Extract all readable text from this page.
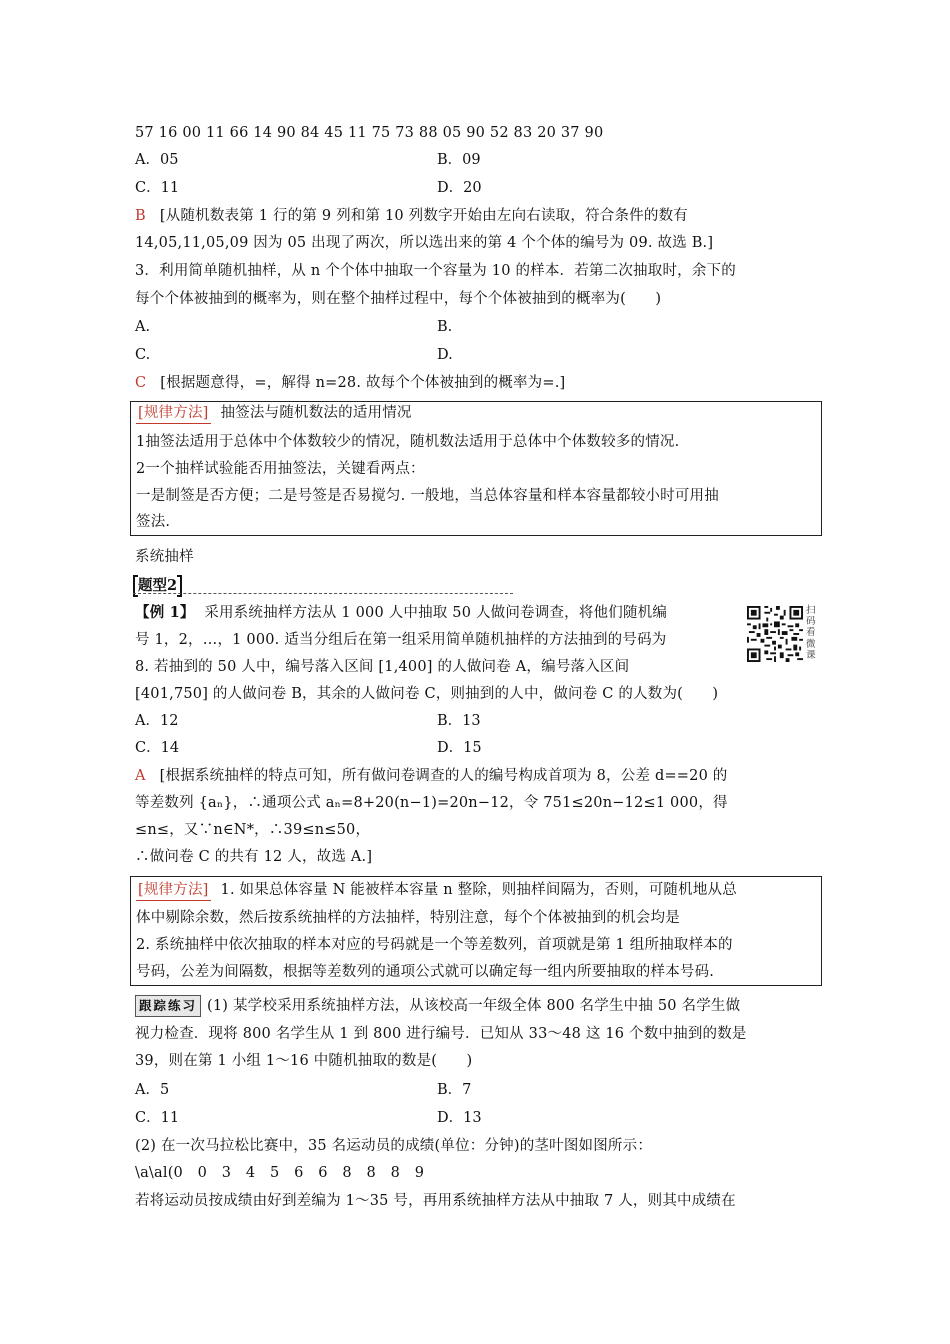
57 16 00 11 66 14 90 84 45 11 75 73 88 05 90 52 83 20 37 90
A．05	B．09
C．11	D．20
B [从随机数表第 1 行的第 9 列和第 10 列数字开始由左向右读取，符合条件的数有
14,05,11,05,09 因为 05 出现了两次，所以选出来的第 4 个个体的编号为 09. 故选 B.]
3．利用简单随机抽样，从 n 个个体中抽取一个容量为 10 的样本．若第二次抽取时，余下的
每个个体被抽到的概率为，则在整个抽样过程中，每个个体被抽到的概率为(　　)
A.	B.
C.	D.
C [根据题意得，=，解得 n=28. 故每个个体被抽到的概率为=.]
[规律方法] 抽签法与随机数法的适用情况
1抽签法适用于总体中个体数较少的情况，随机数法适用于总体中个体数较多的情况.
2一个抽样试验能否用抽签法，关键看两点：
一是制签是否方便；二是号签是否易搅匀. 一般地，当总体容量和样本容量都较小时可用抽
签法.
系统抽样
题型2
【例 1】 采用系统抽样方法从 1 000 人中抽取 50 人做问卷调查，将他们随机编
号 1，2，…，1 000. 适当分组后在第一组采用简单随机抽样的方法抽到的号码为
8. 若抽到的 50 人中，编号落入区间 [1,400] 的人做问卷 A，编号落入区间
[401,750] 的人做问卷 B，其余的人做问卷 C，则抽到的人中，做问卷 C 的人数为(　　)
扫码看微课
A．12	B．13
C．14	D．15
A [根据系统抽样的特点可知，所有做问卷调查的人的编号构成首项为 8，公差 d==20 的
等差数列 {aₙ}，∴通项公式 aₙ=8+20(n−1)=20n−12，令 751≤20n−12≤1 000，得
≤n≤，又∵n∈N*，∴39≤n≤50，
∴做问卷 C 的共有 12 人，故选 A.]
[规律方法] 1. 如果总体容量 N 能被样本容量 n 整除，则抽样间隔为，否则，可随机地从总
体中剔除余数，然后按系统抽样的方法抽样，特别注意，每个个体被抽到的机会均是
2. 系统抽样中依次抽取的样本对应的号码就是一个等差数列，首项就是第 1 组所抽取样本的
号码，公差为间隔数，根据等差数列的通项公式就可以确定每一组内所要抽取的样本号码.
跟踪练习 (1) 某学校采用系统抽样方法，从该校高一年级全体 800 名学生中抽 50 名学生做
视力检查．现将 800 名学生从 1 到 800 进行编号．已知从 33～48 这 16 个数中抽到的数是
39，则在第 1 小组 1～16 中随机抽取的数是(　　)
A．5	B．7
C．11	D．13
(2) 在一次马拉松比赛中，35 名运动员的成绩(单位：分钟)的茎叶图如图所示：
\a\al(0　0　3　4　5　6　6　8　8　8　9
若将运动员按成绩由好到差编为 1～35 号，再用系统抽样方法从中抽取 7 人，则其中成绩在
